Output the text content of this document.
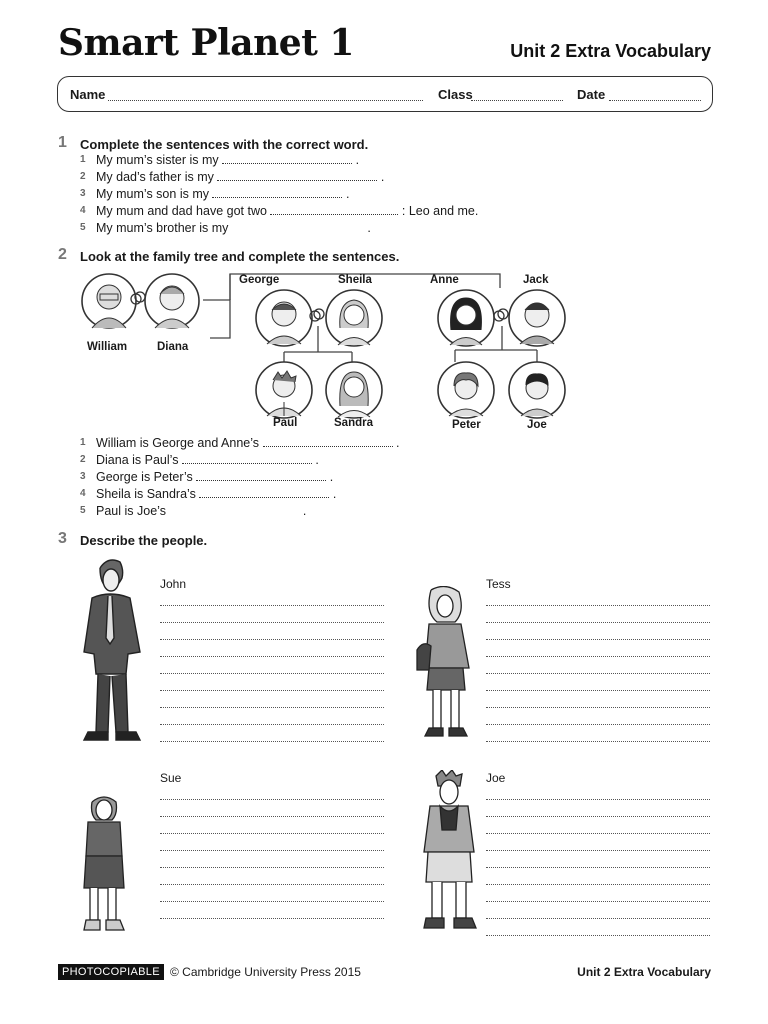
Smart Planet 1	Unit 2 Extra Vocabulary
Name	Class	Date
1 Complete the sentences with the correct word.
1 My mum’s sister is my	.
2 My dad’s father is my	.
3 My mum’s son is my	.
4 My mum and dad have got two	: Leo and me.
5 My mum’s brother is my	.
2 Look at the family tree and complete the sentences.
William	Diana
George	Sheila	Anne	Jack
Paul	Sandra	Peter	Joe
1 William is George and Anne’s	.
2 Diana is Paul’s	.
3 George is Peter’s	.
4 Sheila is Sandra’s	.
5 Paul is Joe’s	.
3 Describe the people.
John	Tess
Sue	Joe
PHOTOCOPIABLE © Cambridge University Press 2015	Unit 2 Extra Vocabulary
